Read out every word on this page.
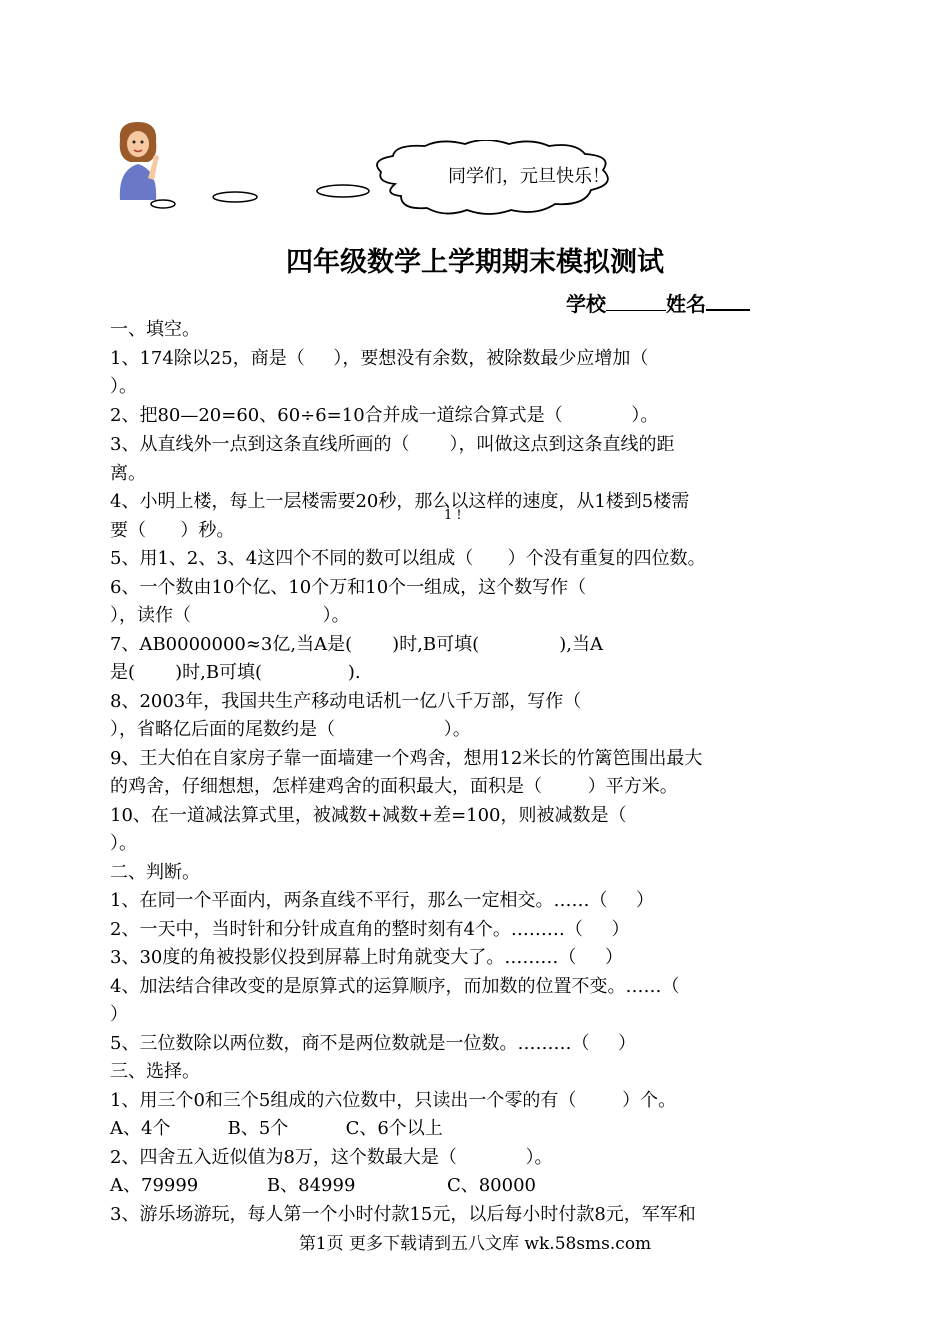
同学们，元旦快乐！
四年级数学上学期期末模拟测试
学校	姓名
一、填空。
1、174除以25，商是（     ），要想没有余数，被除数最少应增加（
）。
2、把80—20=60、60÷6=10合并成一道综合算式是（            ）。
3、从直线外一点到这条直线所画的（       ），叫做这点到这条直线的距
离。
4、小明上楼，每上一层楼需要20秒，那么以这样的速度，从1楼到5楼需
1 !
要（      ）秒。
5、用1、2、3、4这四个不同的数可以组成（      ）个没有重复的四位数。
6、一个数由10个亿、10个万和10个一组成，这个数写作（
），读作（                       ）。
7、AB0000000≈3亿,当A是(       )时,B可填(              ),当A
是(       )时,B可填(               ).
8、2003年，我国共生产移动电话机一亿八千万部，写作（
），省略亿后面的尾数约是（                   ）。
9、王大伯在自家房子靠一面墙建一个鸡舍，想用12米长的竹篱笆围出最大
的鸡舍，仔细想想，怎样建鸡舍的面积最大，面积是（        ）平方米。
10、在一道减法算式里，被减数+减数+差=100，则被减数是（
）。
二、判断。
1、在同一个平面内，两条直线不平行，那么一定相交。……（     ）
2、一天中，当时针和分针成直角的整时刻有4个。………（     ）
3、30度的角被投影仪投到屏幕上时角就变大了。………（     ）
4、加法结合律改变的是原算式的运算顺序，而加数的位置不变。……（
）
5、三位数除以两位数，商不是两位数就是一位数。………（     ）
三、选择。
1、用三个0和三个5组成的六位数中，只读出一个零的有（        ）个。
A、4个          B、5个          C、6个以上
2、四舍五入近似值为8万，这个数最大是（            ）。
A、79999            B、84999                C、80000
3、游乐场游玩，每人第一个小时付款15元，以后每小时付款8元，军军和
第1页 更多下载请到五八文库 wk.58sms.com
